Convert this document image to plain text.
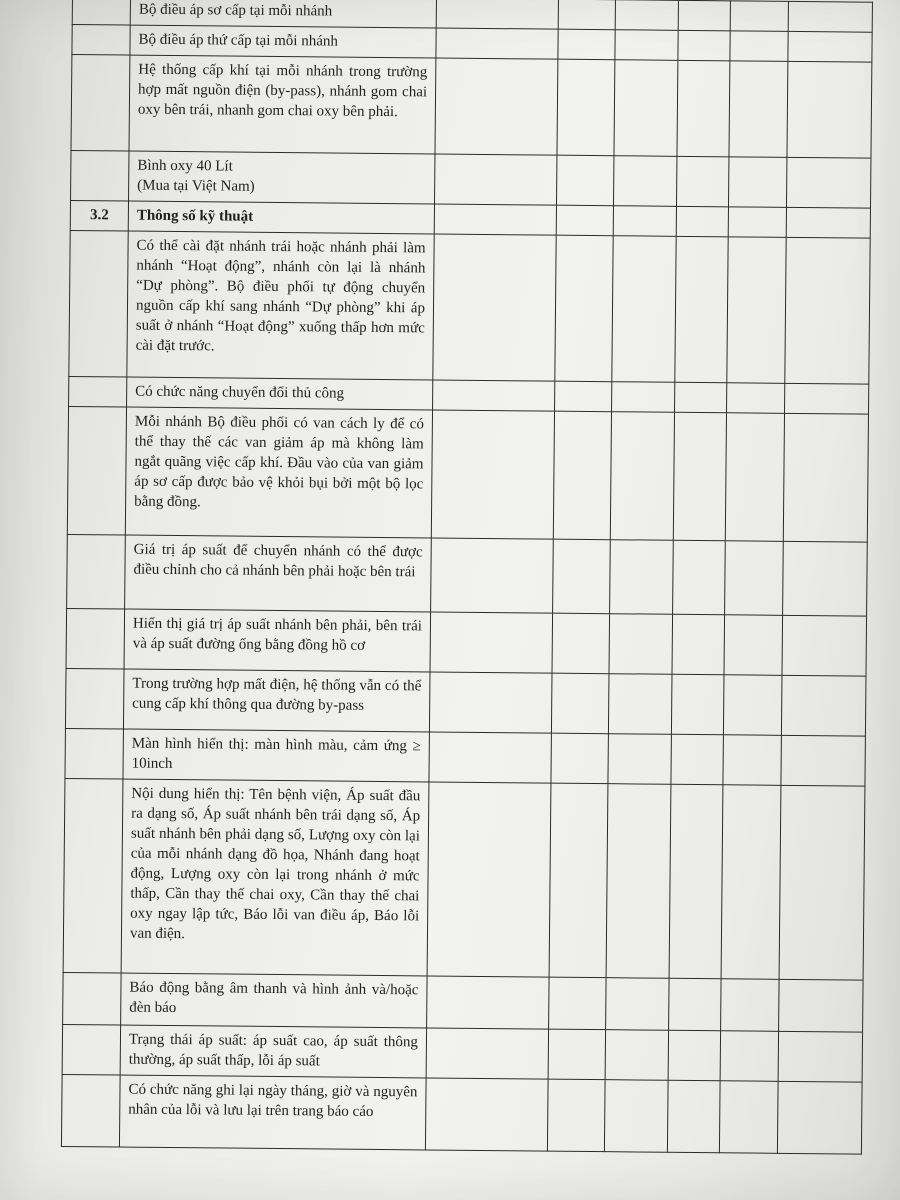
	Bộ điều áp sơ cấp tại mỗi nhánh						
	Bộ điều áp thứ cấp tại mỗi nhánh						
	Hệ thống cấp khí tại mỗi nhánh trong trường hợp mất nguồn điện (by-pass), nhánh gom chai oxy bên trái, nhanh gom chai oxy bên phải.						
	Bình oxy 40 Lít
(Mua tại Việt Nam)						
3.2	Thông số kỹ thuật						
	Có thể cài đặt nhánh trái hoặc nhánh phải làm nhánh “Hoạt động”, nhánh còn lại là nhánh “Dự phòng”. Bộ điều phối tự động chuyển nguồn cấp khí sang nhánh “Dự phòng” khi áp suất ở nhánh “Hoạt động” xuống thấp hơn mức cài đặt trước.						
	Có chức năng chuyển đổi thủ công						
	Mỗi nhánh Bộ điều phối có van cách ly để có thể thay thế các van giảm áp mà không làm ngắt quãng việc cấp khí. Đầu vào của van giảm áp sơ cấp được bảo vệ khỏi bụi bởi một bộ lọc bằng đồng.						
	Giá trị áp suất để chuyển nhánh có thể được điều chỉnh cho cả nhánh bên phải hoặc bên trái						
	Hiển thị giá trị áp suất nhánh bên phải, bên trái và áp suất đường ống bằng đồng hồ cơ						
	Trong trường hợp mất điện, hệ thống vẫn có thể cung cấp khí thông qua đường by-pass						
	Màn hình hiển thị: màn hình màu, cảm ứng ≥ 10inch						
	Nội dung hiển thị: Tên bệnh viện, Áp suất đầu ra dạng số, Áp suất nhánh bên trái dạng số, Áp suất nhánh bên phải dạng số, Lượng oxy còn lại của mỗi nhánh dạng đồ họa, Nhánh đang hoạt động, Lượng oxy còn lại trong nhánh ở mức thấp, Cần thay thế chai oxy, Cần thay thế chai oxy ngay lập tức, Báo lỗi van điều áp, Báo lỗi van điện.						
	Báo động bằng âm thanh và hình ảnh và/hoặc đèn báo						
	Trạng thái áp suất: áp suất cao, áp suất thông thường, áp suất thấp, lỗi áp suất						
	Có chức năng ghi lại ngày tháng, giờ và nguyên nhân của lỗi và lưu lại trên trang báo cáo						
